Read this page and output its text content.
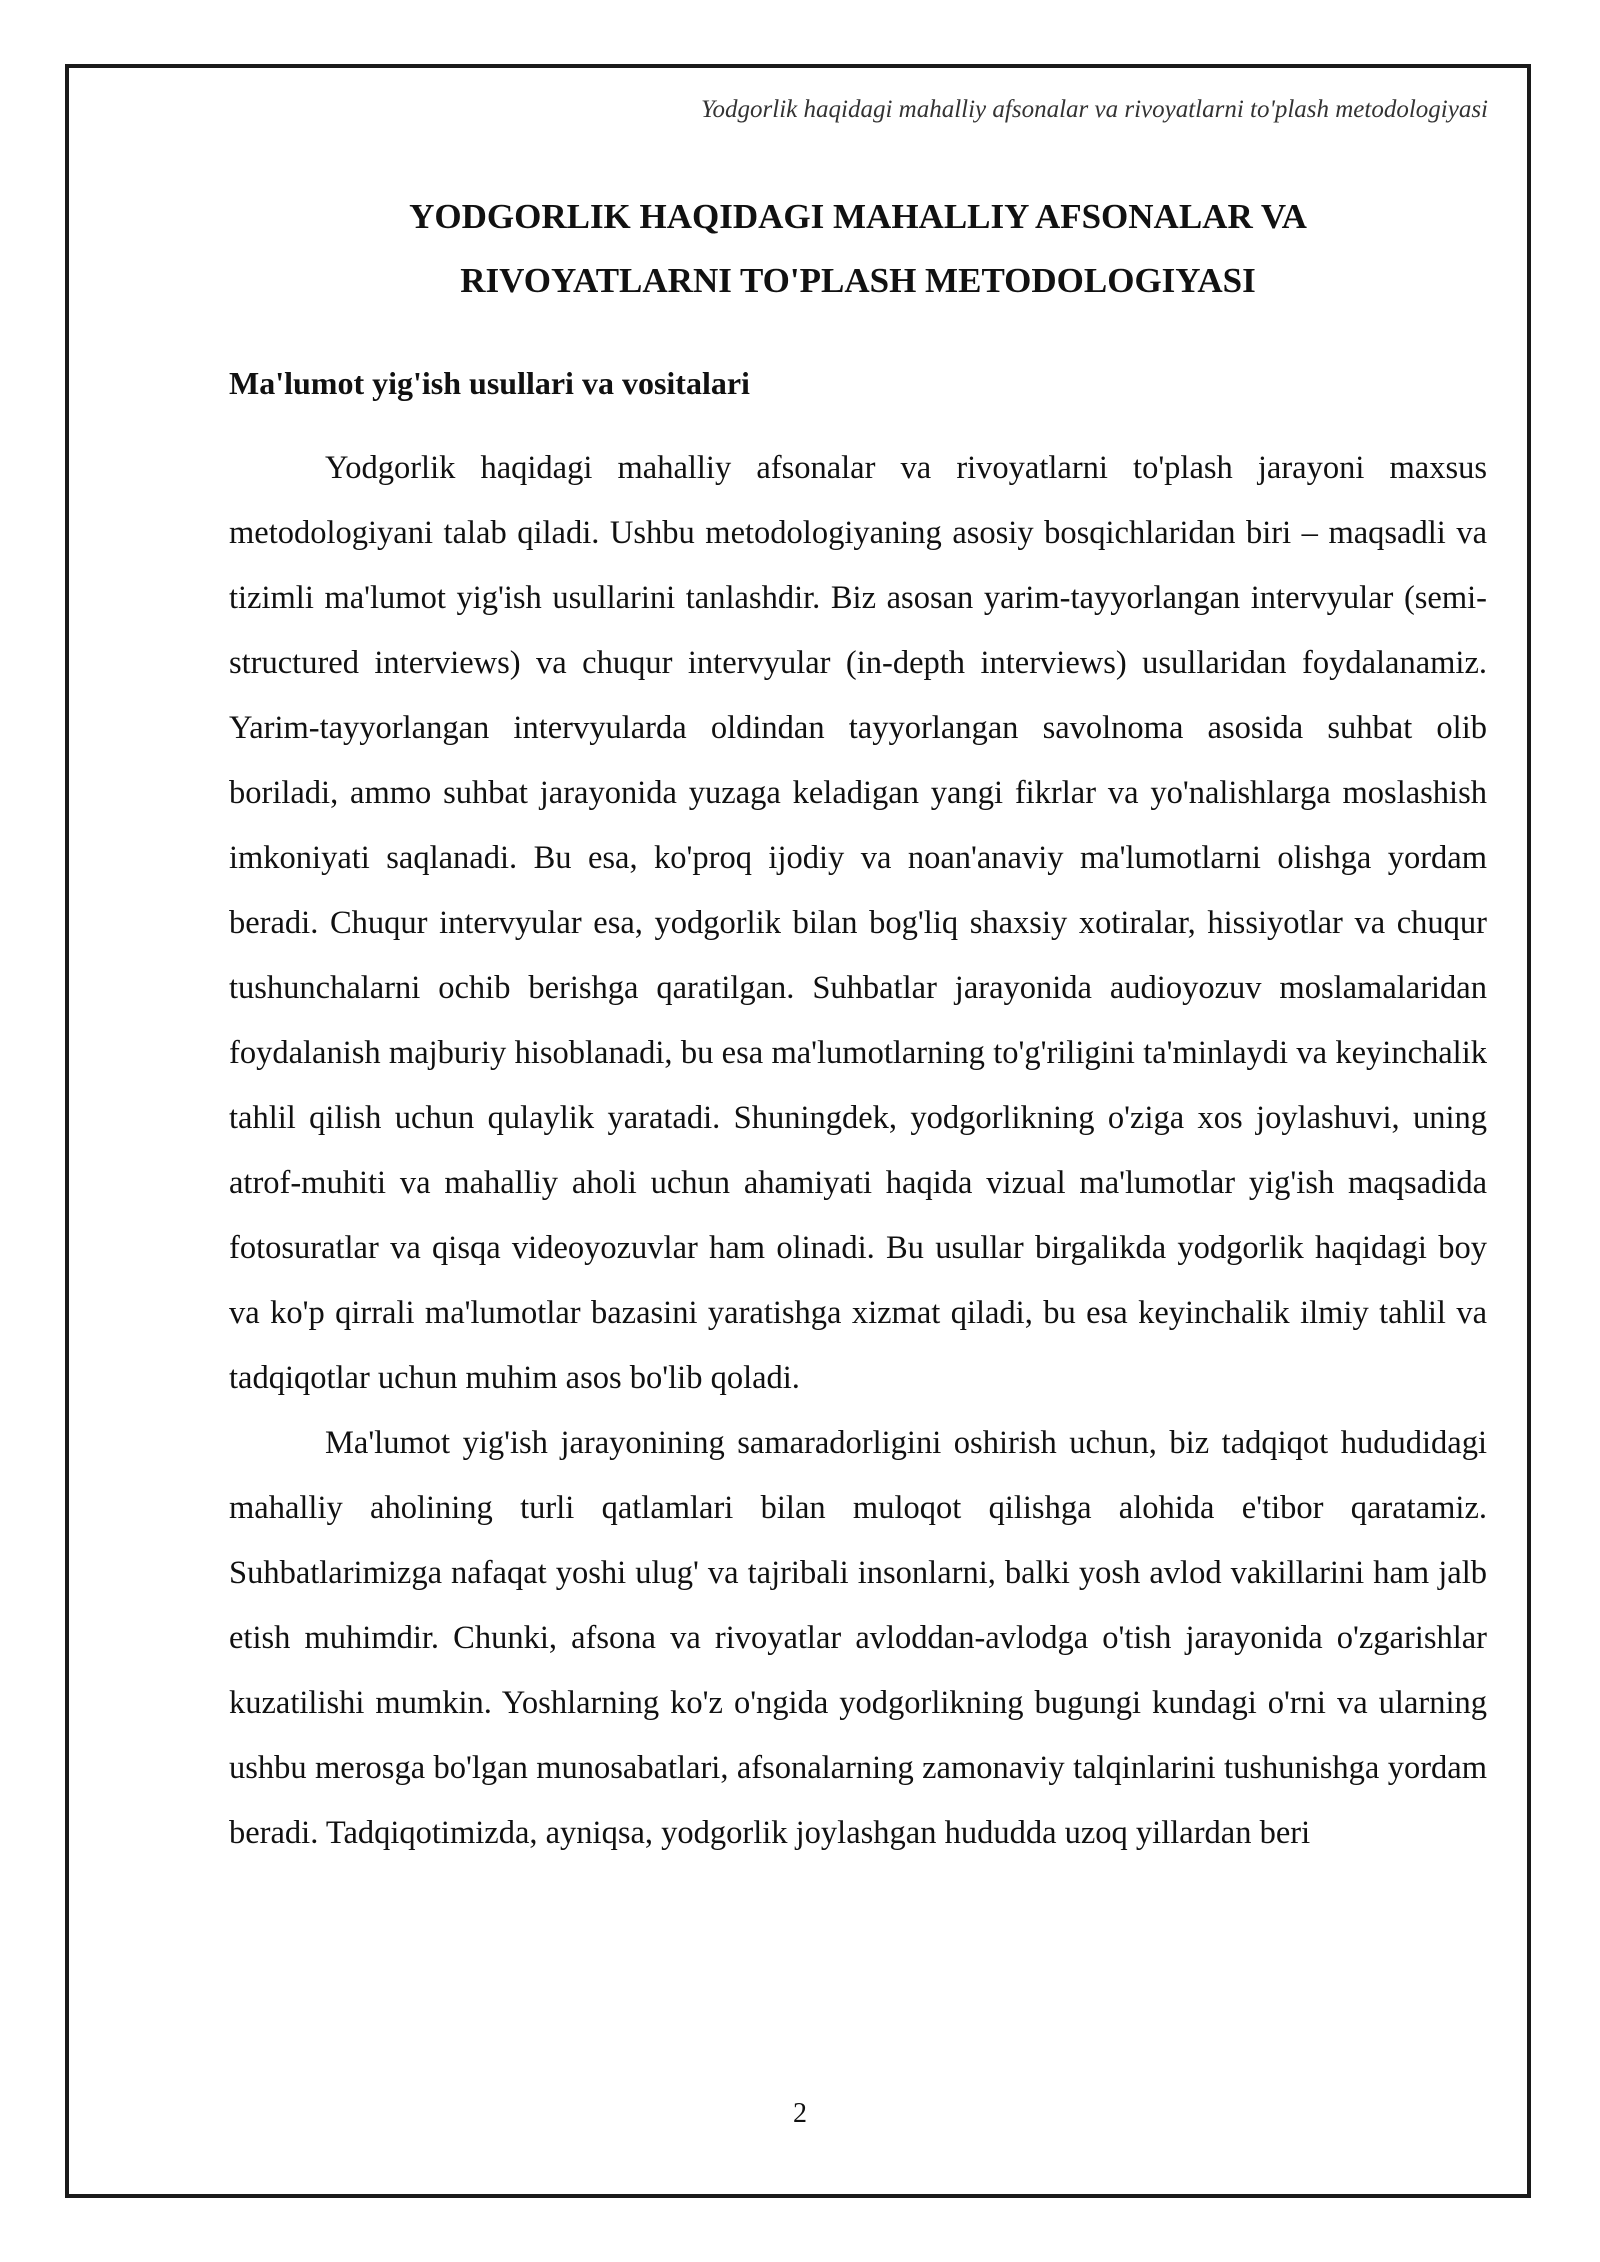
Yodgorlik haqidagi mahalliy afsonalar va rivoyatlarni to'plash metodologiyasi
YODGORLIK HAQIDAGI MAHALLIY AFSONALAR VA
RIVOYATLARNI TO'PLASH METODOLOGIYASI
Ma'lumot yig'ish usullari va vositalari

Yodgorlik haqidagi mahalliy afsonalar va rivoyatlarni to'plash jarayoni maxsus metodologiyani talab qiladi. Ushbu metodologiyaning asosiy bosqichlaridan biri – maqsadli va tizimli ma'lumot yig'ish usullarini tanlashdir. Biz asosan yarim-tayyorlangan intervyular (semi-structured interviews) va chuqur intervyular (in-depth interviews) usullaridan foydalanamiz. Yarim-tayyorlangan intervyularda oldindan tayyorlangan savolnoma asosida suhbat olib boriladi, ammo suhbat jarayonida yuzaga keladigan yangi fikrlar va yo'nalishlarga moslashish imkoniyati saqlanadi. Bu esa, ko'proq ijodiy va noan'anaviy ma'lumotlarni olishga yordam beradi. Chuqur intervyular esa, yodgorlik bilan bog'liq shaxsiy xotiralar, hissiyotlar va chuqur tushunchalarni ochib berishga qaratilgan. Suhbatlar jarayonida audioyozuv moslamalaridan foydalanish majburiy hisoblanadi, bu esa ma'lumotlarning to'g'riligini ta'minlaydi va keyinchalik tahlil qilish uchun qulaylik yaratadi. Shuningdek, yodgorlikning o'ziga xos joylashuvi, uning atrof-muhiti va mahalliy aholi uchun ahamiyati haqida vizual ma'lumotlar yig'ish maqsadida fotosuratlar va qisqa videoyozuvlar ham olinadi. Bu usullar birgalikda yodgorlik haqidagi boy va ko'p qirrali ma'lumotlar bazasini yaratishga xizmat qiladi, bu esa keyinchalik ilmiy tahlil va tadqiqotlar uchun muhim asos bo'lib qoladi.

Ma'lumot yig'ish jarayonining samaradorligini oshirish uchun, biz tadqiqot hududidagi mahalliy aholining turli qatlamlari bilan muloqot qilishga alohida e'tibor qaratamiz. Suhbatlarimizga nafaqat yoshi ulug' va tajribali insonlarni, balki yosh avlod vakillarini ham jalb etish muhimdir. Chunki, afsona va rivoyatlar avloddan-avlodga o'tish jarayonida o'zgarishlar kuzatilishi mumkin. Yoshlarning ko'z o'ngida yodgorlikning bugungi kundagi o'rni va ularning ushbu merosga bo'lgan munosabatlari, afsonalarning zamonaviy talqinlarini tushunishga yordam beradi. Tadqiqotimizda, ayniqsa, yodgorlik joylashgan hududda uzoq yillardan beri

2
